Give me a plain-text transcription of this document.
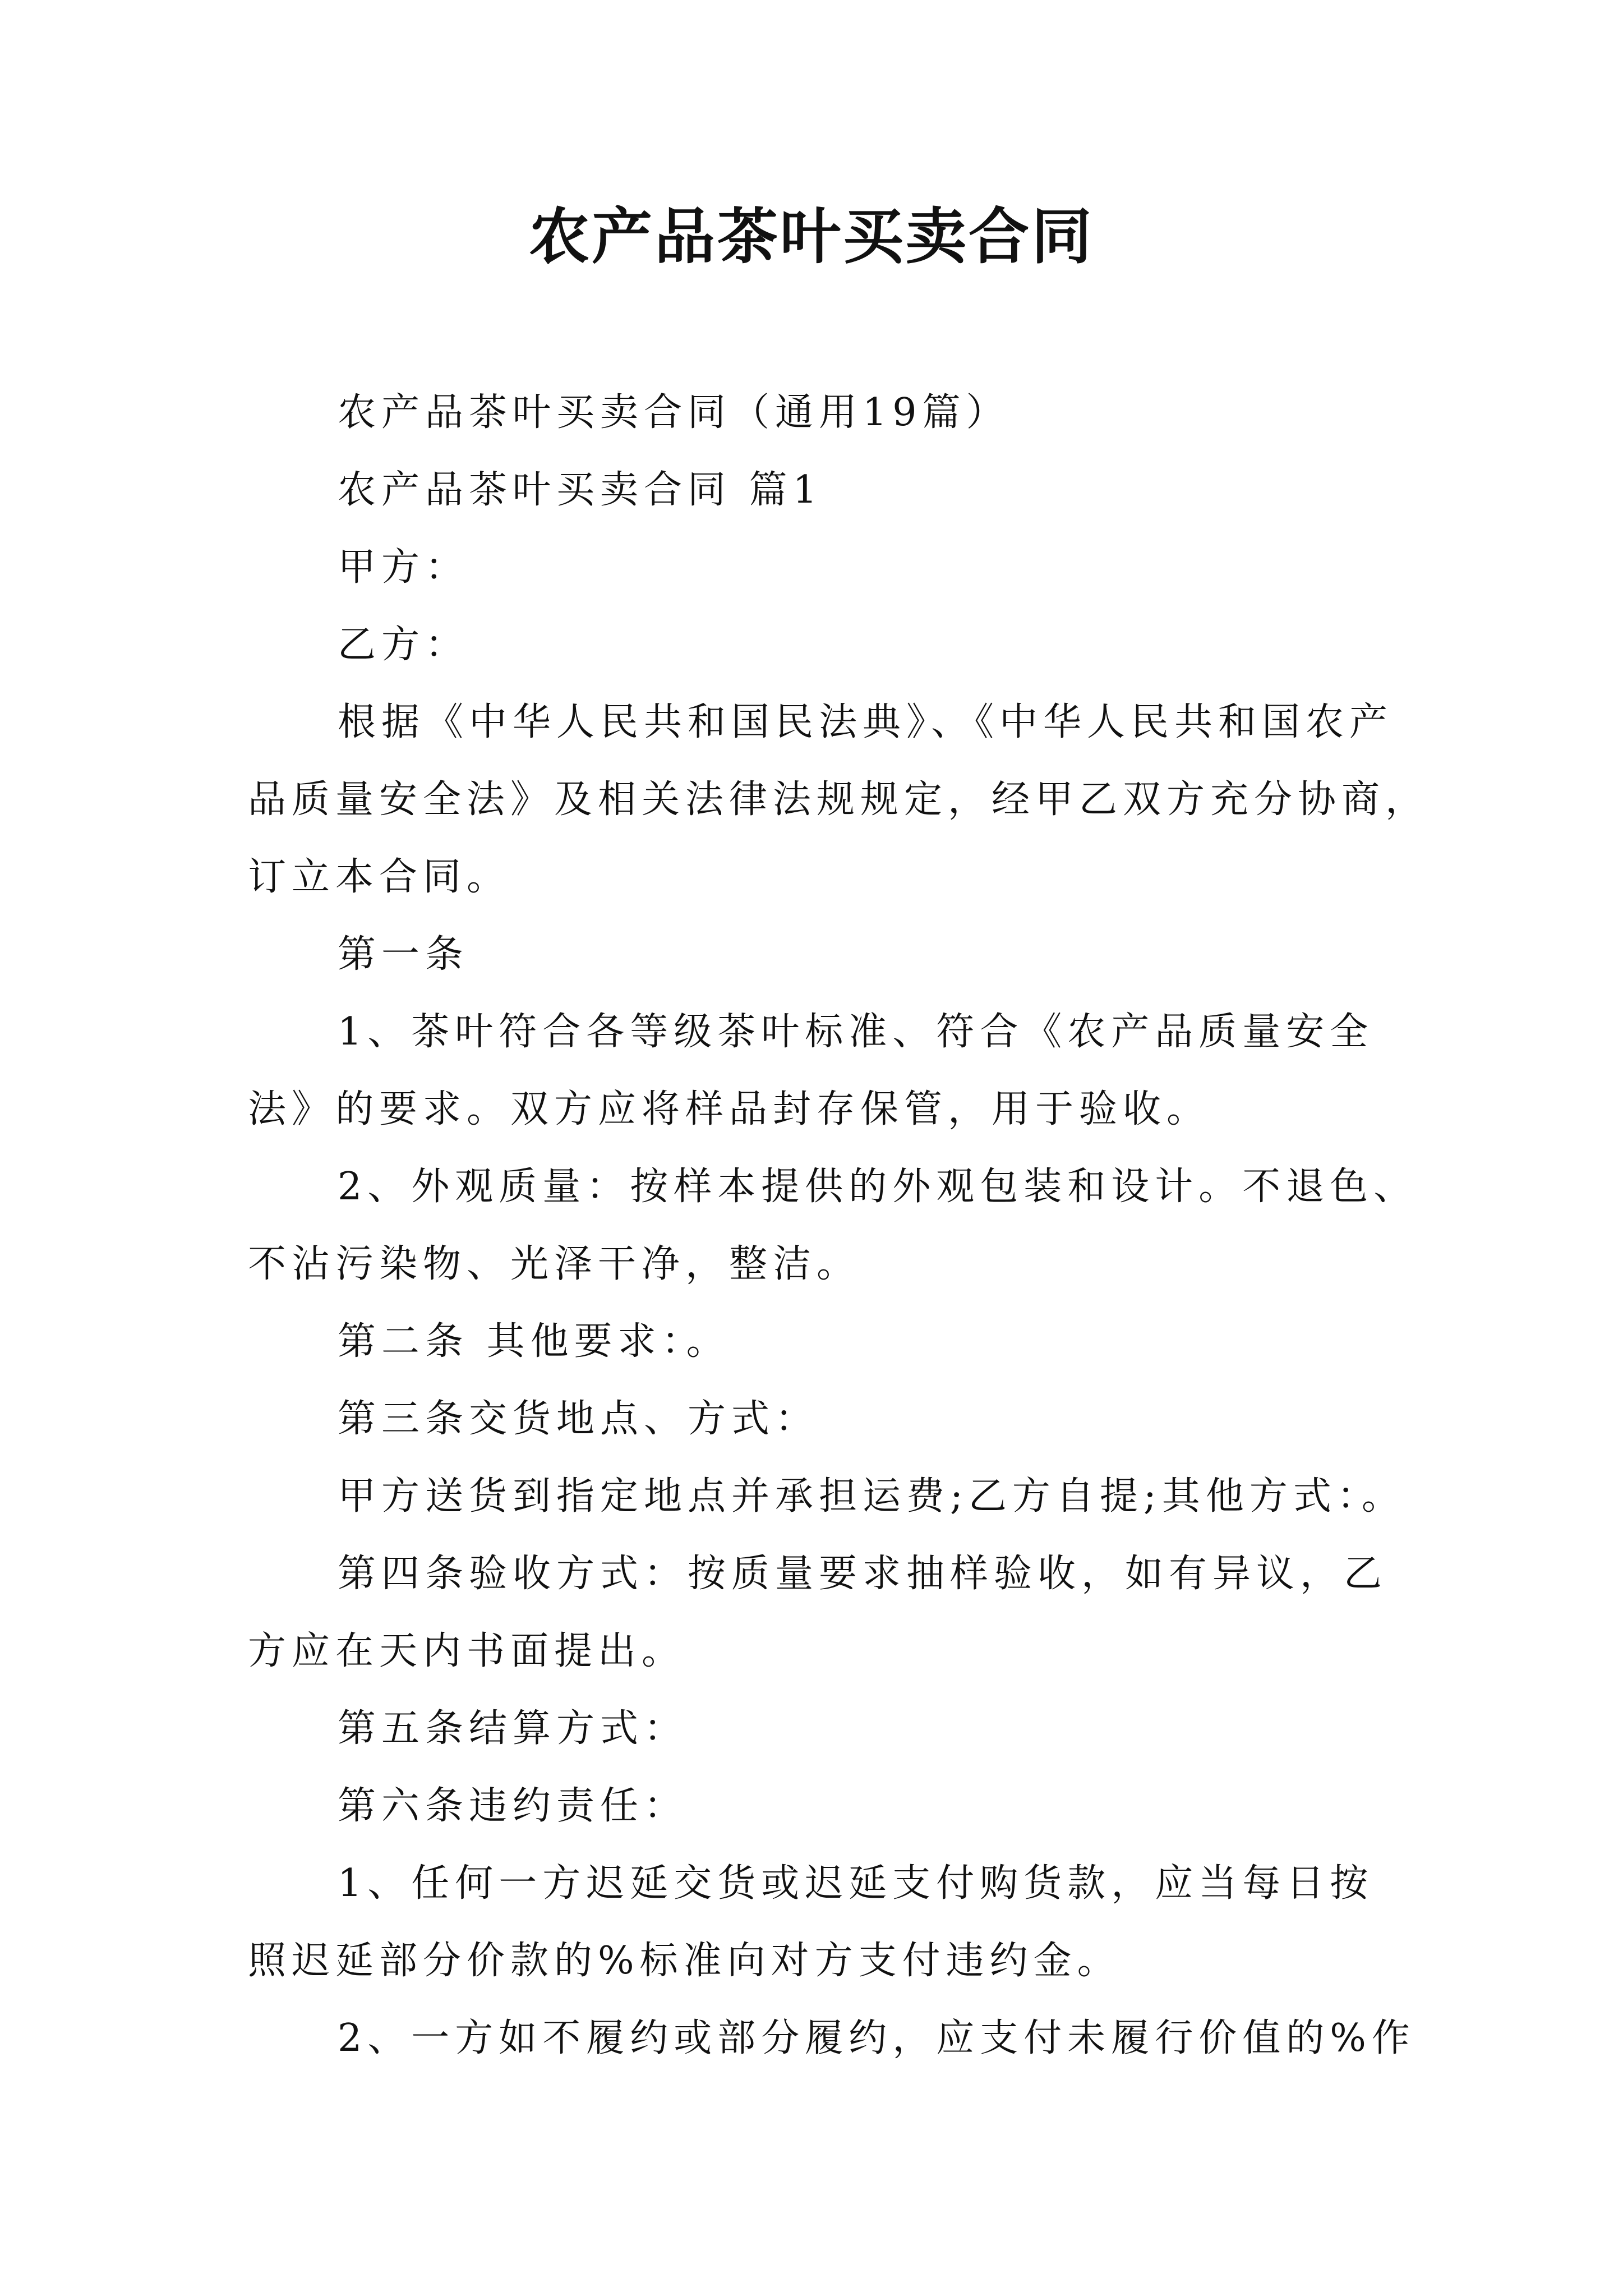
农产品茶叶买卖合同
农产品茶叶买卖合同（通用19篇）
农产品茶叶买卖合同 篇1
甲方：
乙方：
根据《中华人民共和国民法典》、《中华人民共和国农产
品质量安全法》及相关法律法规规定，经甲乙双方充分协商，
订立本合同。
第一条
1、茶叶符合各等级茶叶标准、符合《农产品质量安全
法》的要求。双方应将样品封存保管，用于验收。
2、外观质量：按样本提供的外观包装和设计。不退色、
不沾污染物、光泽干净，整洁。
第二条 其他要求：。
第三条交货地点、方式：
甲方送货到指定地点并承担运费;乙方自提;其他方式：。
第四条验收方式：按质量要求抽样验收，如有异议，乙
方应在天内书面提出。
第五条结算方式：
第六条违约责任：
1、任何一方迟延交货或迟延支付购货款，应当每日按
照迟延部分价款的%标准向对方支付违约金。
2、一方如不履约或部分履约，应支付未履行价值的%作
